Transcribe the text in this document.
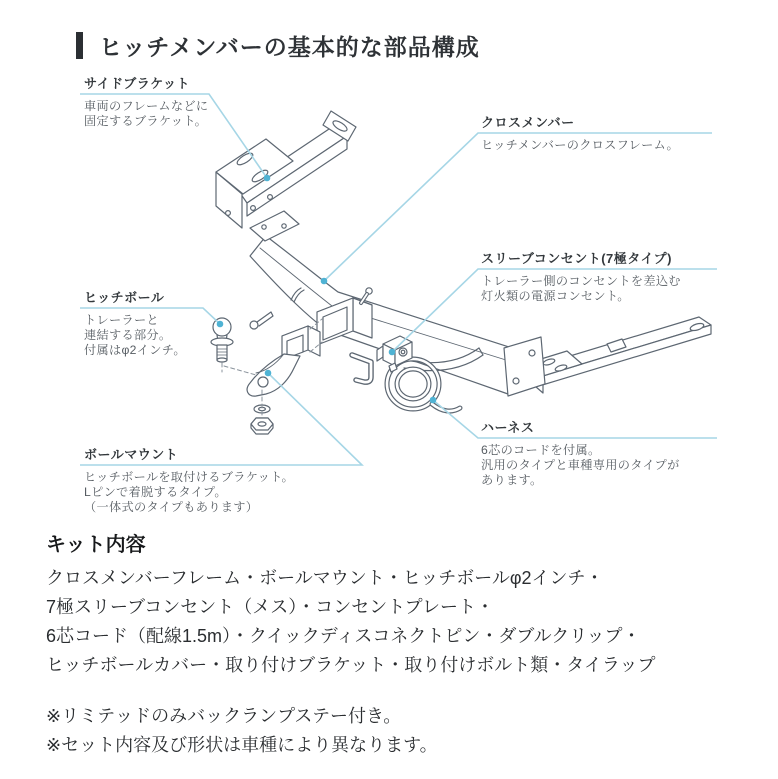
ヒッチメンバーの基本的な部品構成
サイドブラケット
車両のフレームなどに
固定するブラケット。	クロスメンバー
ヒッチメンバーのクロスフレーム。
スリーブコンセント(7極タイプ)
トレーラー側のコンセントを差込む
灯火類の電源コンセント。
ヒッチボール
トレーラーと
連結する部分。
付属はφ2インチ。
ハーネス
6芯のコードを付属。
汎用のタイプと車種専用のタイプが
あります。
ボールマウント
ヒッチボールを取付けるブラケット。
Lピンで着脱するタイプ。
（一体式のタイプもあります）
キット内容
クロスメンバーフレーム・ボールマウント・ヒッチボールφ2インチ・
7極スリーブコンセント（メス）・コンセントプレート・
6芯コード（配線1.5m）・クイックディスコネクトピン・ダブルクリップ・
ヒッチボールカバー・取り付けブラケット・取り付けボルト類・タイラップ
※リミテッドのみバックランプステー付き。
※セット内容及び形状は車種により異なります。
